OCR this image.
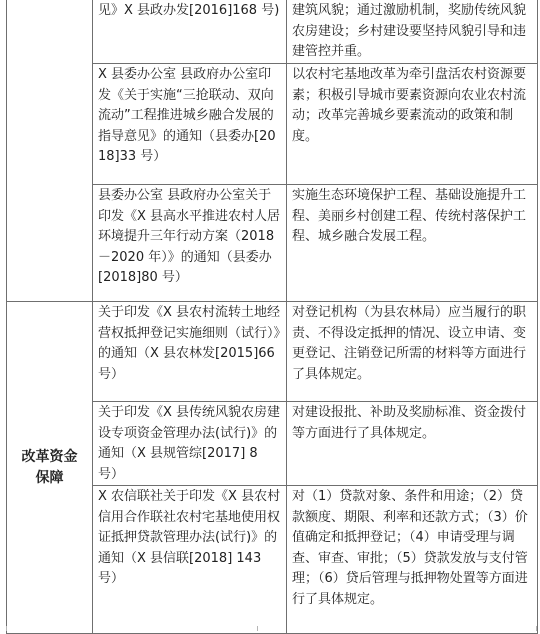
	见》X 县政办发[2016]168 号)	建筑风貌；通过激励机制，奖励传统风貌农房建设；乡村建设要坚持风貌引导和违建管控并重。
	X 县委办公室 县政府办公室印发《关于实施“三抢联动、双向流动”工程推进城乡融合发展的指导意见》的通知（县委办[2018]33 号）	以农村宅基地改革为牵引盘活农村资源要素；积极引导城市要素资源向农业农村流动；改革完善城乡要素流动的政策和制度。
	县委办公室 县政府办公室关于印发《X 县高水平推进农村人居环境提升三年行动方案（2018－2020 年）》的通知（县委办[2018]80 号）	实施生态环境保护工程、基础设施提升工程、美丽乡村创建工程、传统村落保护工程、城乡融合发展工程。
改革资金保障	关于印发《X 县农村流转土地经营权抵押登记实施细则（试行）》的通知（X 县农林发[2015]66 号）	对登记机构（为县农林局）应当履行的职责、不得设定抵押的情况、设立申请、变更登记、注销登记所需的材料等方面进行了具体规定。
	关于印发《X 县传统风貌农房建设专项资金管理办法(试行)》的通知（X 县规管综[2017] 8 号）	对建设报批、补助及奖励标准、资金拨付等方面进行了具体规定。
	X 农信联社关于印发《X 县农村信用合作联社农村宅基地使用权证抵押贷款管理办法(试行)》的通知（X 县信联[2018] 143 号）	对（1）贷款对象、条件和用途；（2）贷款额度、期限、利率和还款方式；（3）价值确定和抵押登记；（4）申请受理与调查、审查、审批；（5）贷款发放与支付管理；（6）贷后管理与抵押物处置等方面进行了具体规定。
